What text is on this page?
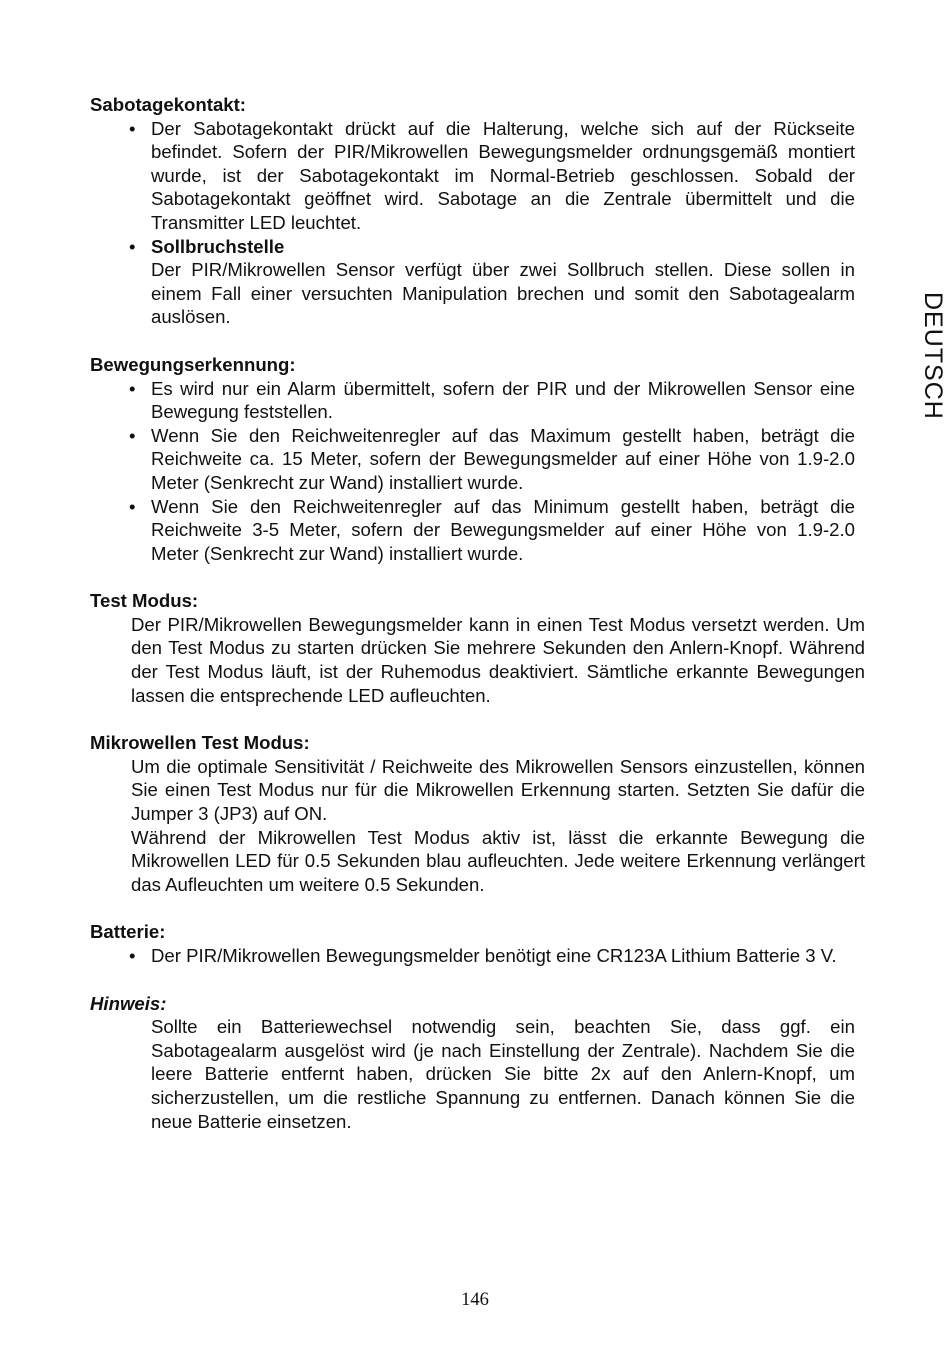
DEUTSCH
Sabotagekontakt:
• Der Sabotagekontakt drückt auf die Halterung, welche sich auf der Rückseite befindet. Sofern der PIR/Mikrowellen Bewegungsmelder ordnungsgemäß montiert wurde, ist der Sabotagekontakt im Normal-Betrieb geschlossen. Sobald der Sabotagekontakt geöffnet wird. Sabotage an die Zentrale übermittelt und die Transmitter LED leuchtet.
• Sollbruchstelle
Der PIR/Mikrowellen Sensor verfügt über zwei Sollbruch stellen. Diese sollen in einem Fall einer versuchten Manipulation brechen und somit den Sabotagealarm auslösen.
Bewegungserkennung:
• Es wird nur ein Alarm übermittelt, sofern der PIR und der Mikrowellen Sensor eine Bewegung feststellen.
• Wenn Sie den Reichweitenregler auf das Maximum gestellt haben, beträgt die Reichweite ca. 15 Meter, sofern der Bewegungsmelder auf einer Höhe von 1.9-2.0 Meter (Senkrecht zur Wand) installiert wurde.
• Wenn Sie den Reichweitenregler auf das Minimum gestellt haben, beträgt die Reichweite 3-5 Meter, sofern der Bewegungsmelder auf einer Höhe von 1.9-2.0 Meter (Senkrecht zur Wand) installiert wurde.
Test Modus:

Der PIR/Mikrowellen Bewegungsmelder kann in einen Test Modus versetzt werden. Um den Test Modus zu starten drücken Sie mehrere Sekunden den Anlern-Knopf. Während der Test Modus läuft, ist der Ruhemodus deaktiviert. Sämtliche erkannte Bewegungen lassen die entsprechende LED aufleuchten.

Mikrowellen Test Modus:

Um die optimale Sensitivität / Reichweite des Mikrowellen Sensors einzustellen, können Sie einen Test Modus nur für die Mikrowellen Erkennung starten. Setzten Sie dafür die Jumper 3 (JP3) auf ON.

Während der Mikrowellen Test Modus aktiv ist, lässt die erkannte Bewegung die Mikrowellen LED für 0.5 Sekunden blau aufleuchten. Jede weitere Erkennung verlängert das Aufleuchten um weitere 0.5 Sekunden.

Batterie:
• Der PIR/Mikrowellen Bewegungsmelder benötigt eine CR123A Lithium Batterie 3 V.
Hinweis:

Sollte ein Batteriewechsel notwendig sein, beachten Sie, dass ggf. ein Sabotagealarm ausgelöst wird (je nach Einstellung der Zentrale). Nachdem Sie die leere Batterie entfernt haben, drücken Sie bitte 2x auf den Anlern-Knopf, um sicherzustellen, um die restliche Spannung zu entfernen. Danach können Sie die neue Batterie einsetzen.

146
